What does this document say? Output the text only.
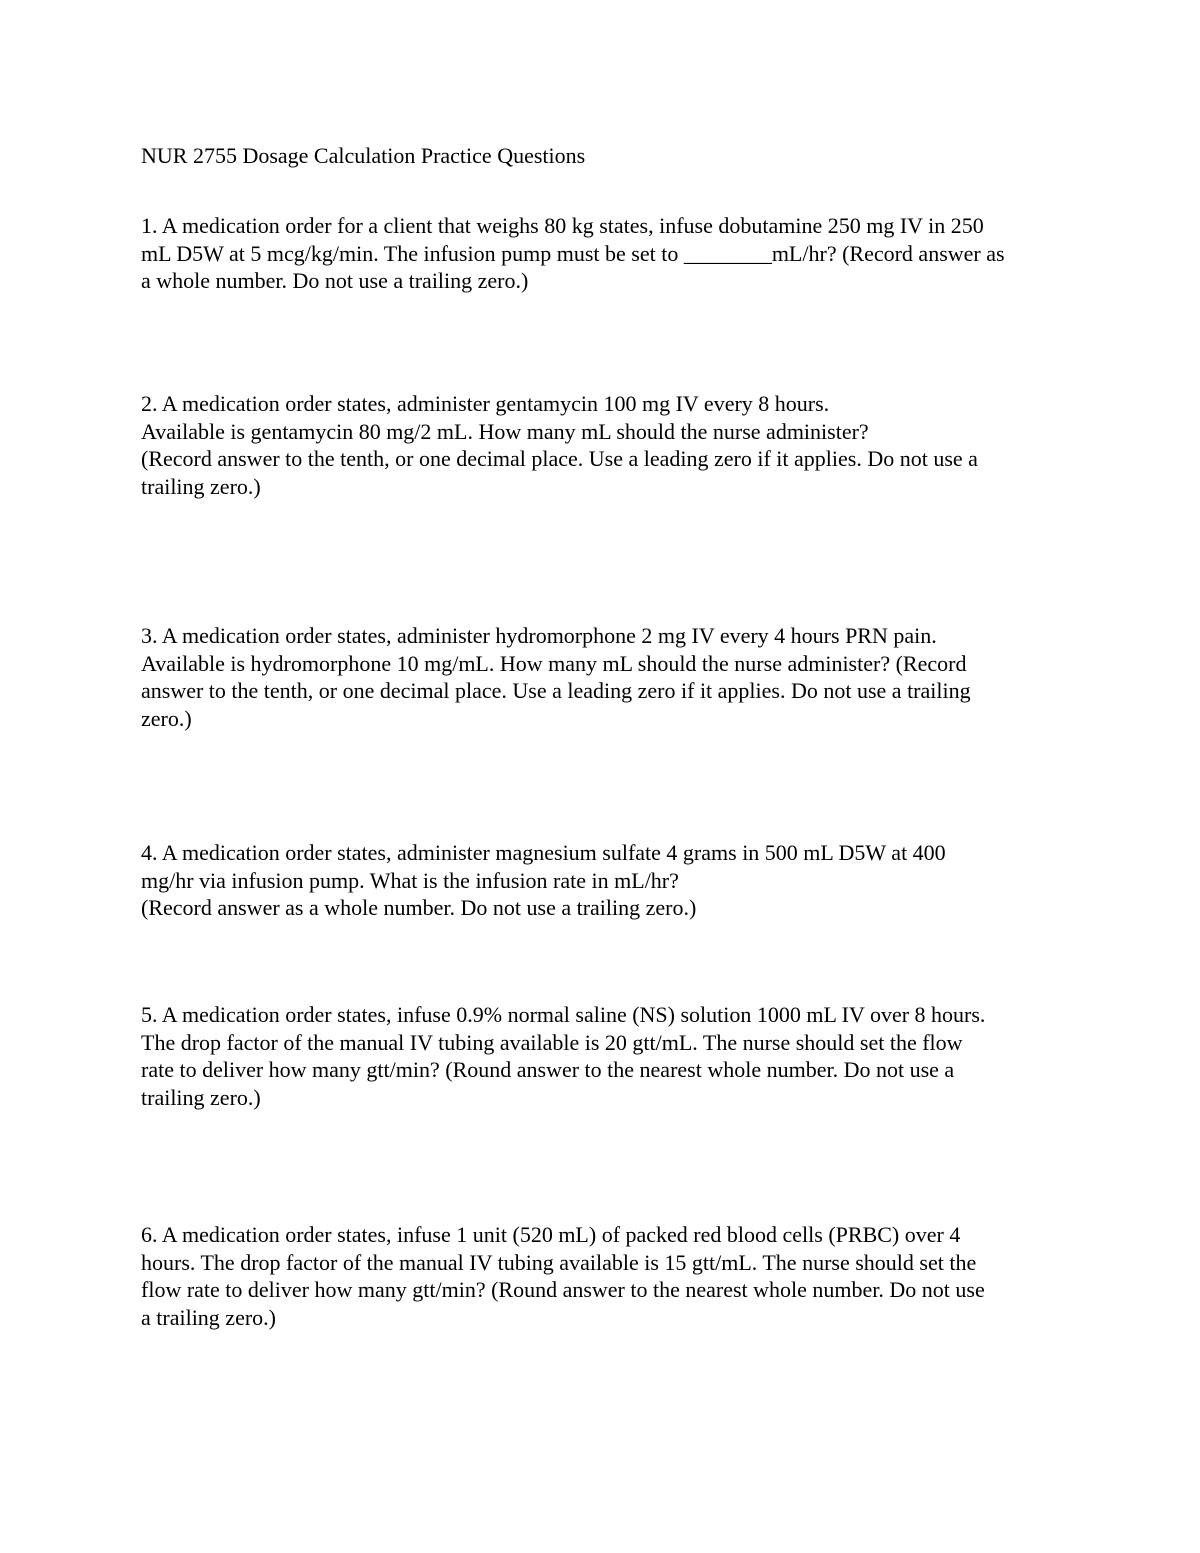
NUR 2755 Dosage Calculation Practice Questions
1. A medication order for a client that weighs 80 kg states, infuse dobutamine 250 mg IV in 250
mL D5W at 5 mcg/kg/min. The infusion pump must be set to ________mL/hr? (Record answer as
a whole number. Do not use a trailing zero.)
2. A medication order states, administer gentamycin 100 mg IV every 8 hours.
Available is gentamycin 80 mg/2 mL. How many mL should the nurse administer?
(Record answer to the tenth, or one decimal place. Use a leading zero if it applies. Do not use a
trailing zero.)
3. A medication order states, administer hydromorphone 2 mg IV every 4 hours PRN pain.
Available is hydromorphone 10 mg/mL. How many mL should the nurse administer? (Record
answer to the tenth, or one decimal place. Use a leading zero if it applies. Do not use a trailing
zero.)
4. A medication order states, administer magnesium sulfate 4 grams in 500 mL D5W at 400
mg/hr via infusion pump. What is the infusion rate in mL/hr?
(Record answer as a whole number. Do not use a trailing zero.)
5. A medication order states, infuse 0.9% normal saline (NS) solution 1000 mL IV over 8 hours.
The drop factor of the manual IV tubing available is 20 gtt/mL. The nurse should set the flow
rate to deliver how many gtt/min? (Round answer to the nearest whole number. Do not use a
trailing zero.)
6. A medication order states, infuse 1 unit (520 mL) of packed red blood cells (PRBC) over 4
hours. The drop factor of the manual IV tubing available is 15 gtt/mL. The nurse should set the
flow rate to deliver how many gtt/min? (Round answer to the nearest whole number. Do not use
a trailing zero.)
